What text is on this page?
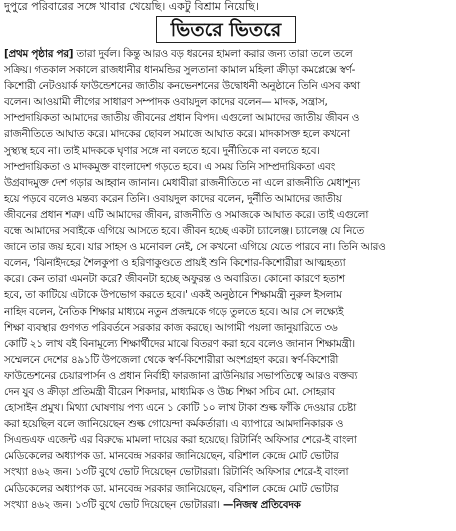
দুপুরে পরিবারের সঙ্গে খাবার খেয়েছি। একটু বিশ্রাম নিয়েছি।
ভিতরে ভিতরে
[প্রথম পৃষ্ঠার পর] তারা দুর্বল। কিন্তু আরও বড় ধরনের হামলা করার জন্য তারা তলে তলে
সক্রিয়। গতকাল সকালে রাজধানীর ধানমন্ডির সুলতানা কামাল মহিলা ক্রীড়া কমপ্লেক্সে স্বর্ণ-
কিশোরী নেটওয়ার্ক ফাউন্ডেশনের জাতীয় কনভেনশনের উদ্বোধনী অনুষ্ঠানে তিনি এসব কথা
বলেন। আওয়ামী লীগের সাধারণ সম্পাদক ওবায়দুল কাদের বলেন— মাদক, সন্ত্রাস,
সাম্প্রদায়িকতা আমাদের জাতীয় জীবনের প্রধান বিপদ। এগুলো আমাদের জাতীয় জীবন ও
রাজনীতিতে আঘাত করে। মাদকের ছোবল সমাজে আঘাত করে। মাদকাসক্ত হলে কখনো
সুস্থ্যস্থ হবে না। তাই মাদককে ঘৃণার সঙ্গে না বলতে হবে। দুর্নীতিকে না বলতে হবে।
সাম্প্রদায়িকতা ও মাদকমুক্ত বাংলাদেশ গড়তে হবে। এ সময় তিনি সাম্প্রদায়িকতা এবং
উগ্রবাদমুক্ত দেশ গড়ার আহ্বান জানান। মেধাবীরা রাজনীতিতে না এলে রাজনীতি মেধাশূন্য
হয়ে পড়বে বলেও মন্তব্য করেন তিনি। ওবায়দুল কাদের বলেন, দুর্নীতি আমাদের জাতীয়
জীবনের প্রধান শত্রু। এটি আমাদের জীবন, রাজনীতি ও সমাজকে আঘাত করে। তাই এগুলো
বন্ধে আমাদের সবাইকে এগিয়ে আসতে হবে। জীবন হচ্ছে একটা চ্যালেঞ্জ। চ্যালেঞ্জ যে নিতে
জানে তার জয় হবে। যার সাহস ও মনোবল নেই, সে কখনো এগিয়ে যেতে পারবে না। তিনি আরও
বলেন, 'ঝিনাইদহের শৈলকুপা ও হরিণাকুণ্ডতে প্রায়ই শুনি কিশোর-কিশোরীরা আত্মহত্যা
করে। কেন তারা এমনটা করে? জীবনটা হচ্ছে অফুরন্ত ও অবারিত। কোনো কারণে হতাশ
হবে, তা কাটিয়ে এটাকে উপভোগ করতে হবে।' একই অনুষ্ঠানে শিক্ষামন্ত্রী নুরুল ইসলাম
নাহিদ বলেন, নৈতিক শিক্ষার মাধ্যমে নতুন প্রজন্মকে গড়ে তুলতে হবে। আর সে লক্ষ্যেই
শিক্ষা ব্যবস্থার গুণগত পরিবর্তনে সরকার কাজ করছে। আগামী পয়লা জানুয়ারিতে ৩৬
কোটি ২১ লাখ বই বিনামূল্যে শিক্ষার্থীদের মাঝে বিতরণ করা হবে বলেও জানান শিক্ষামন্ত্রী।
সম্মেলনে দেশের ৪৯১টি উপজেলা থেকে স্বর্ণ-কিশোরীরা অংশগ্রহণ করে। স্বর্ণ-কিশোরী
ফাউন্ডেশনের চেয়ারপার্সন ও প্রধান নির্বাহী ফারজানা ব্রাউনিয়ার সভাপতিত্বে আরও বক্তব্য
দেন যুব ও ক্রীড়া প্রতিমন্ত্রী বীরেন শিকদার, মাধ্যমিক ও উচ্চ শিক্ষা সচিব মো. সোহরাব
হোসাইন প্রমুখ। মিথ্যা ঘোষণায় পণ্য এনে ১ কোটি ১০ লাখ টাকা শুল্ক ফাঁকি দেওয়ার চেষ্টা
করা হয়েছিল বলে জানিয়েছেন শুল্ক গোয়েন্দা কর্মকর্তারা। এ ব্যাপারে আমদানিকারক ও
সিএন্ডএফ এজেন্ট এর বিরুদ্ধে মামলা দায়ের করা হয়েছে। রিটার্নিং অফিসার শেরে-ই বাংলা
মেডিকেলের অধ্যাপক ডা. মানবেন্দ্র সরকার জানিয়েছেন, বরিশাল কেন্দ্রে মোট ভোটার
সংখ্যা ৪৬২ জন। ১৩টি বুথে ভোট দিয়েছেন ভোটাররা। রিটার্নিং অফিসার শেরে-ই বাংলা
মেডিকেলের অধ্যাপক ডা. মানবেন্দ্র সরকার জানিয়েছেন, বরিশাল কেন্দ্রে মোট ভোটার
সংখ্যা ৪৬২ জন। ১৩টি বুথে ভোট দিয়েছেন ভোটাররা। —নিজস্ব প্রতিবেদক
